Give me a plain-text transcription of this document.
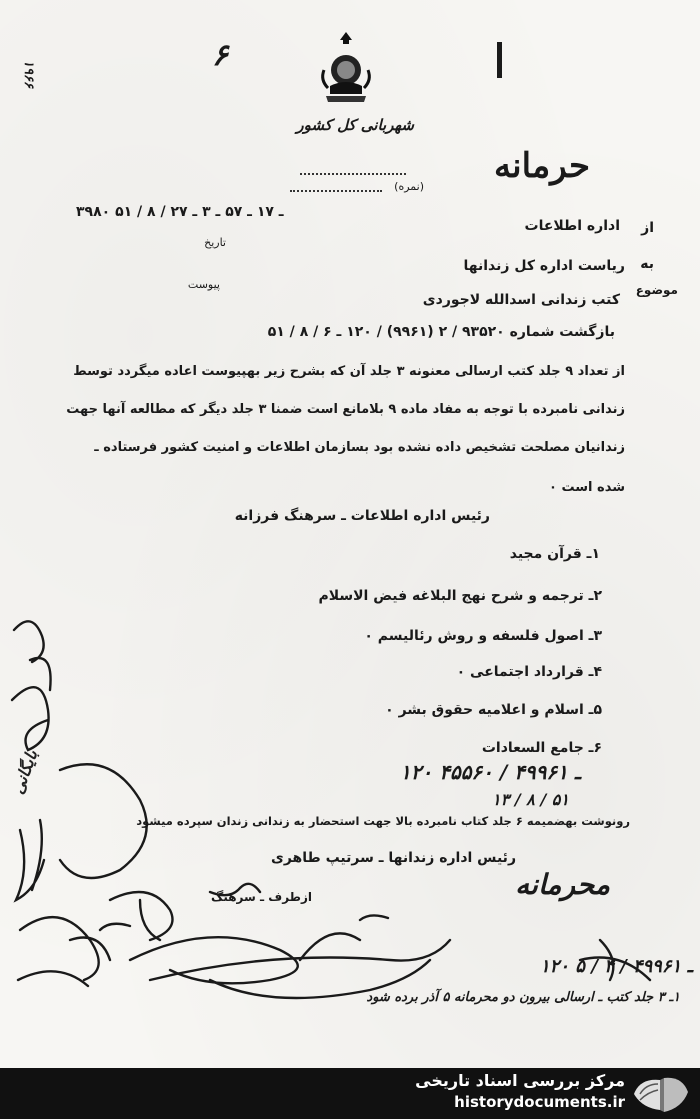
۱۹۶۶
۶
شهربانی کل کشور
حرمانه
(نمره)
۳۹۸۰ ـ ۱۷ ـ ۵۷ ـ ۳ ـ ۲۷ / ۸ / ۵۱
تاریخ
پیوست
از
اداره اطلاعات
به
ریاست اداره کل زندانها
موضوع
کتب زندانی اسدالله لاجوردی
بازگشت شماره ۹۳۵۲۰ / ۲ (۹۹۶۱) / ۱۲۰ ـ ۶ / ۸ / ۵۱
از تعداد ۹ جلد کتب ارسالی معنونه ۳ جلد آن که بشرح زیر بهپیوست اعاده میگردد توسط
زندانی نامبرده با توجه به مفاد ماده ۹ بلامانع است ضمنا ۳ جلد دیگر که مطالعه آنها جهت
زندانیان مصلحت تشخیص داده نشده بود بسازمان اطلاعات و امنیت کشور فرستاده ـ
شده است ۰
رئیس اداره اطلاعات ـ سرهنگ فرزانه
۱ـ قرآن مجید
۲ـ ترجمه و شرح نهج البلاغه فیض الاسلام
۳ـ اصول فلسفه و روش رئالیسم ۰
۴ـ قرارداد اجتماعی ۰
۵ـ اسلام و اعلامیه حقوق بشر ۰
۶ـ جامع السعادات
۱۲۰ ـ ۴۹۹۶۱ / ۴۵۵۶۰
۱۳ / ۸ / ۵۱
رونوشت بهضمیمه ۶ جلد کتاب نامبرده بالا جهت استحضار به زندانی زندان سپرده میشود
رئیس اداره زندانها ـ سرتیپ طاهری
ازطرف ـ سرهنگ	محرمانه
۱۲۰ ـ ۴۹۹۶۱ / ۴ / ۵
۱ـ ۳ جلد کتب ـ ارسالی بیرون دو محرمانه ۵ آذر برده شود
بایگانی
مرکز بررسی اسناد تاریخی
historydocuments.ir
